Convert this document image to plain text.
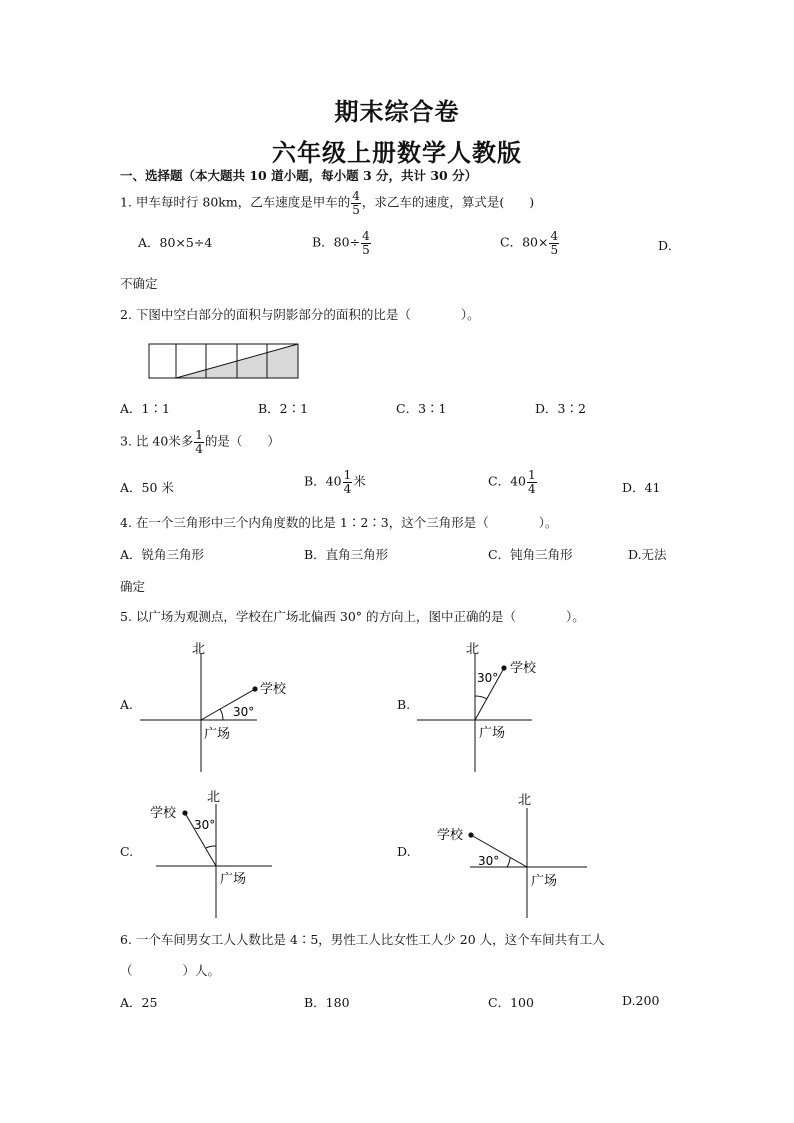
期末综合卷
六年级上册数学人教版
一、选择题（本大题共 10 道小题，每小题 3 分，共计 30 分）
1. 甲车每时行 80km，乙车速度是甲车的 $\frac{4}{5}$ ，求乙车的速度，算式是(　　)
A．80×5÷4	B．$80\div \frac{4}{5}$	C．$80\times \frac{4}{5}$	D．
不确定
2. 下图中空白部分的面积与阴影部分的面积的比是（　　　　）。
A．1∶1	B．2∶1	C．3∶1	D．3∶2
3. 比 40米多 $\frac{1}{4}$ 的是（　　）
A．50 米	B．$40 \frac{1}{4}$ 米	C．$40 \frac{1}{4}$	D．41
4. 在一个三角形中三个内角度数的比是 1∶2∶3，这个三角形是（　　　　）。
A．锐角三角形	B．直角三角形	C．钝角三角形	D.无法
确定
5. 以广场为观测点，学校在广场北偏西 30° 的方向上，图中正确的是（　　　　）。
A.
北
学校
30°
广场
B.
北
学校
30°
广场
C.
北
学校
30°
广场
D.
北
学校
30°
广场
6. 一个车间男女工人人数比是 4∶5，男性工人比女性工人少 20 人，这个车间共有工人
（　　　　）人。
A．25	B．180	C．100	D.200
